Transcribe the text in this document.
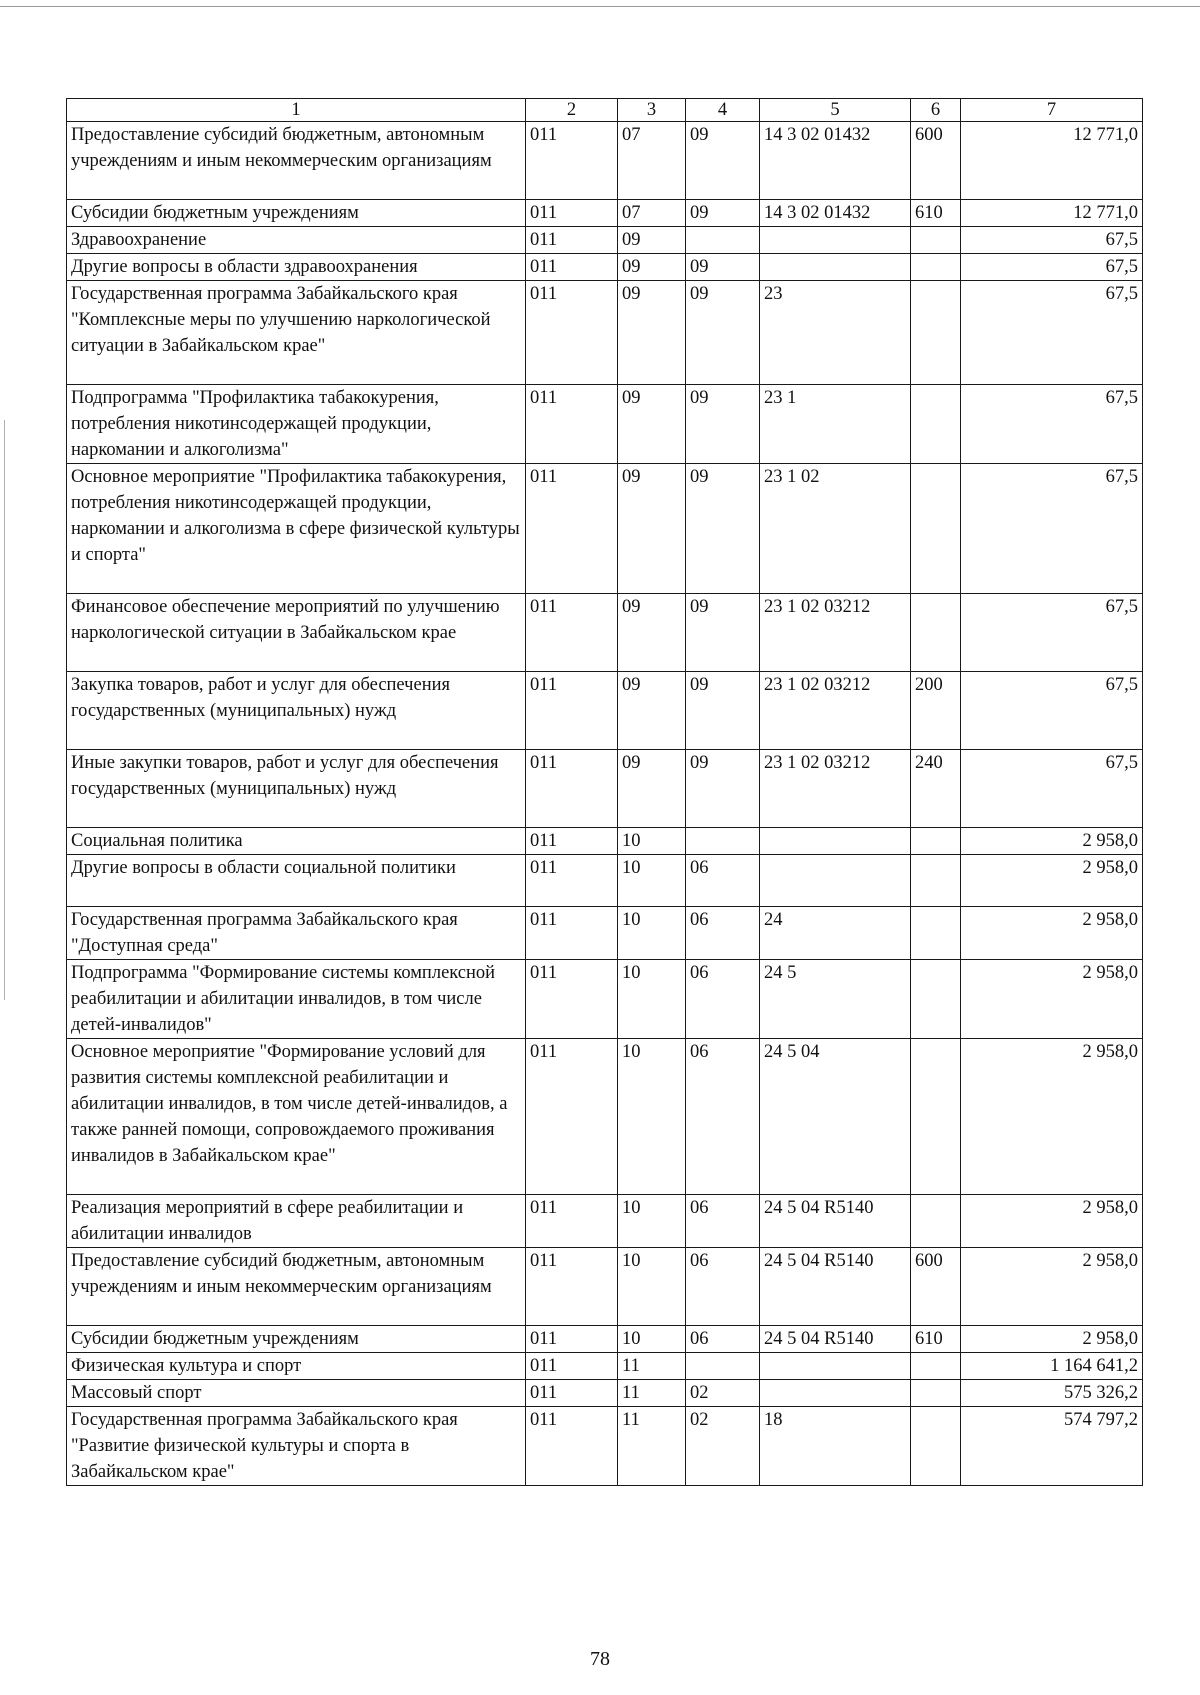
1	2	3	4	5	6	7
Предоставление субсидий бюджетным, автономным учреждениям и иным некоммерческим организациям	011	07	09	14 3 02 01432	600	12 771,0
Субсидии бюджетным учреждениям	011	07	09	14 3 02 01432	610	12 771,0
Здравоохранение	011	09				67,5
Другие вопросы в области здравоохранения	011	09	09			67,5
Государственная программа Забайкальского края "Комплексные меры по улучшению наркологической ситуации в Забайкальском крае"	011	09	09	23		67,5
Подпрограмма "Профилактика табакокурения, потребления никотинсодержащей продукции, наркомании и алкоголизма"	011	09	09	23 1		67,5
Основное мероприятие "Профилактика табакокурения, потребления никотинсодержащей продукции, наркомании и алкоголизма в сфере физической культуры и спорта"	011	09	09	23 1 02		67,5
Финансовое обеспечение мероприятий по улучшению наркологической ситуации в Забайкальском крае	011	09	09	23 1 02 03212		67,5
Закупка товаров, работ и услуг для обеспечения государственных (муниципальных) нужд	011	09	09	23 1 02 03212	200	67,5
Иные закупки товаров, работ и услуг для обеспечения государственных (муниципальных) нужд	011	09	09	23 1 02 03212	240	67,5
Социальная политика	011	10				2 958,0
Другие вопросы в области социальной политики	011	10	06			2 958,0
Государственная программа Забайкальского края "Доступная среда"	011	10	06	24		2 958,0
Подпрограмма "Формирование системы комплексной реабилитации и абилитации инвалидов, в том числе детей-инвалидов"	011	10	06	24 5		2 958,0
Основное мероприятие "Формирование условий для развития системы комплексной реабилитации и абилитации инвалидов, в том числе детей-инвалидов, а также ранней помощи, сопровождаемого проживания инвалидов в Забайкальском крае"	011	10	06	24 5 04		2 958,0
Реализация мероприятий в сфере реабилитации и абилитации инвалидов	011	10	06	24 5 04 R5140		2 958,0
Предоставление субсидий бюджетным, автономным учреждениям и иным некоммерческим организациям	011	10	06	24 5 04 R5140	600	2 958,0
Субсидии бюджетным учреждениям	011	10	06	24 5 04 R5140	610	2 958,0
Физическая культура и спорт	011	11				1 164 641,2
Массовый спорт	011	11	02			575 326,2
Государственная программа Забайкальского края "Развитие физической культуры и спорта в Забайкальском крае"	011	11	02	18		574 797,2
78
